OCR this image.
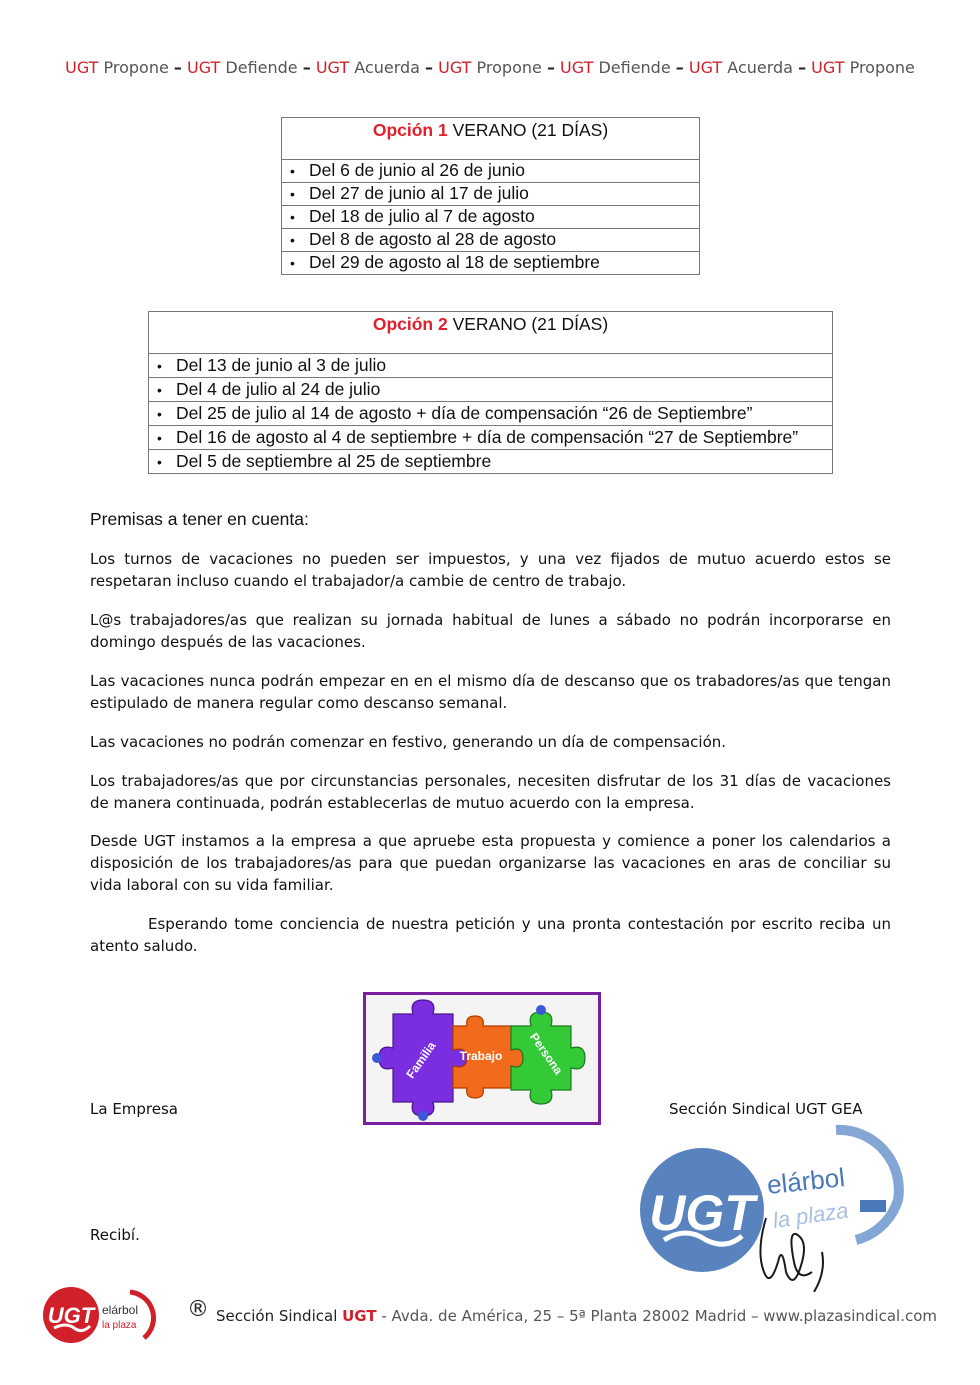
UGT Propone – UGT Defiende – UGT Acuerda – UGT Propone – UGT Defiende – UGT Acuerda – UGT Propone
Opción 1 VERANO (21 DÍAS)
• Del 6 de junio al 26 de junio
• Del 27 de junio al 17 de julio
• Del 18 de julio al 7 de agosto
• Del 8 de agosto al 28 de agosto
• Del 29 de agosto al 18 de septiembre
Opción 2 VERANO (21 DÍAS)
• Del 13 de junio al 3 de julio
• Del 4 de julio al 24 de julio
• Del 25 de julio al 14 de agosto + día de compensación “26 de Septiembre”
• Del 16 de agosto al 4 de septiembre + día de compensación “27 de Septiembre”
• Del 5 de septiembre al 25 de septiembre
Premisas a tener en cuenta:
Los turnos de vacaciones no pueden ser impuestos, y una vez fijados de mutuo acuerdo estos se respetaran incluso cuando el trabajador/a cambie de centro de trabajo.
L@s trabajadores/as que realizan su jornada habitual de lunes a sábado no podrán incorporarse en domingo después de las vacaciones.
Las vacaciones nunca podrán empezar en en el mismo día de descanso que os trabadores/as que tengan estipulado de manera regular como descanso semanal.
Las vacaciones no podrán comenzar en festivo, generando un día de compensación.
Los trabajadores/as que por circunstancias personales, necesiten disfrutar de los 31 días de vacaciones de manera continuada, podrán establecerlas de mutuo acuerdo con la empresa.
Desde UGT instamos a la empresa a que apruebe esta propuesta y comience a poner los calendarios a disposición de los trabajadores/as para que puedan organizarse las vacaciones en aras de conciliar su vida laboral con su vida familiar.
Esperando tome conciencia de nuestra petición y una pronta contestación por escrito reciba un atento saludo.
Familia Trabajo Persona
La Empresa	Sección Sindical UGT GEA
Recibí.	UGT
elárbol
la plaza
UGT elárbol
la plaza
® Sección Sindical UGT - Avda. de América, 25 – 5ª Planta 28002 Madrid – www.plazasindical.com
